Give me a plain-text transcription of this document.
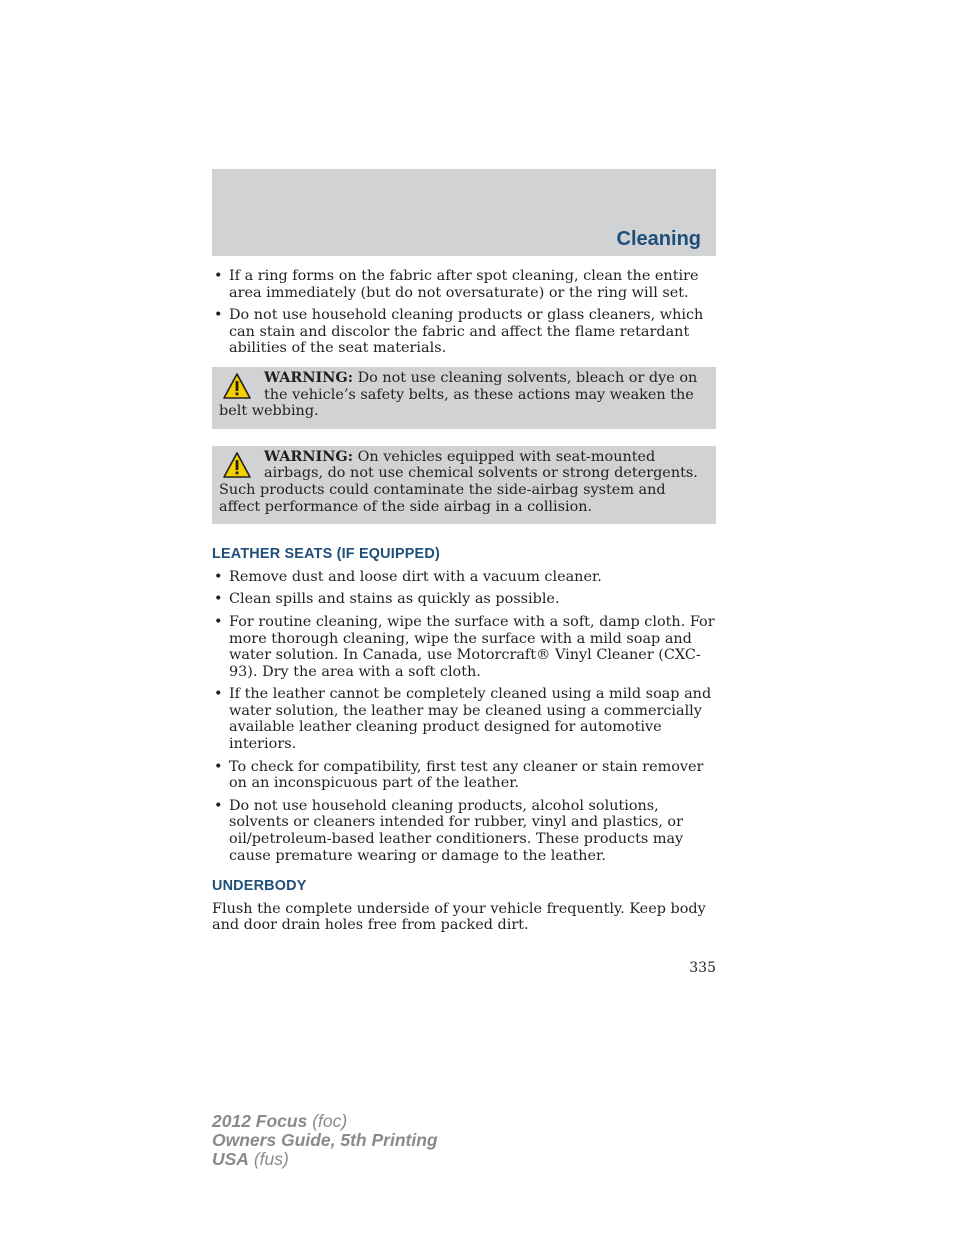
Cleaning
• If a ring forms on the fabric after spot cleaning, clean the entire area immediately (but do not oversaturate) or the ring will set.
• Do not use household cleaning products or glass cleaners, which can stain and discolor the fabric and affect the flame retardant abilities of the seat materials.
WARNING: Do not use cleaning solvents, bleach or dye on the vehicle’s safety belts, as these actions may weaken the belt webbing.
WARNING: On vehicles equipped with seat-mounted airbags, do not use chemical solvents or strong detergents. Such products could contaminate the side-airbag system and affect performance of the side airbag in a collision.
LEATHER SEATS (IF EQUIPPED)
• Remove dust and loose dirt with a vacuum cleaner.
• Clean spills and stains as quickly as possible.
• For routine cleaning, wipe the surface with a soft, damp cloth. For more thorough cleaning, wipe the surface with a mild soap and water solution. In Canada, use Motorcraft® Vinyl Cleaner (CXC-93). Dry the area with a soft cloth.
• If the leather cannot be completely cleaned using a mild soap and water solution, the leather may be cleaned using a commercially available leather cleaning product designed for automotive interiors.
• To check for compatibility, first test any cleaner or stain remover on an inconspicuous part of the leather.
• Do not use household cleaning products, alcohol solutions, solvents or cleaners intended for rubber, vinyl and plastics, or oil/petroleum-based leather conditioners. These products may cause premature wearing or damage to the leather.
UNDERBODY

Flush the complete underside of your vehicle frequently. Keep body and door drain holes free from packed dirt.

335
2012 Focus (foc)
Owners Guide, 5th Printing
USA (fus)
